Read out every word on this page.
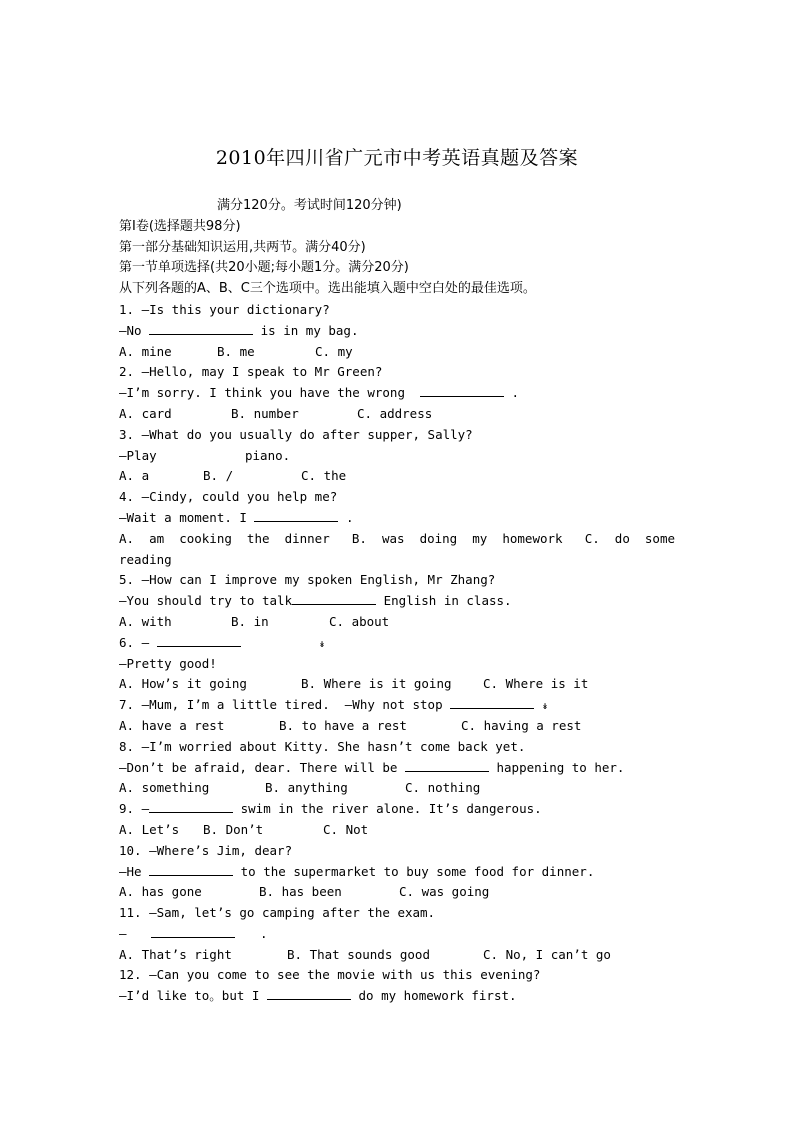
2010年四川省广元市中考英语真题及答案
满分120分。考试时间120分钟)
第Ⅰ卷(选择题共98分)
第一部分基础知识运用,共两节。满分40分)
第一节单项选择(共20小题;每小题1分。满分20分)
从下列各题的A、B、C三个选项中。选出能填入题中空白处的最佳选项。
1. —Is this your dictionary?
—No	is in my bag.
A. mine	B. me	C. my
2. —Hello, may I speak to Mr Green?
—I’m sorry. I think you have the wrong	.
A. card	B. number	C. address
3. —What do you usually do after supper, Sally?
—Play	piano.
A. a	B. /	C. the
4. —Cindy, could you help me?
—Wait a moment. I	.
A.  am  cooking  the  dinner B.  was  doing  my  homework C.  do  some
reading
5. —How can I improve my spoken English, Mr Zhang?
—You should try to talk	English in class.
A. with	B. in	C. about
6. —	↡
—Pretty good!
A. How’s it going	B. Where is it going	C. Where is it
7. —Mum, I’m a little tired.  —Why not stop	↡
A. have a rest	B. to have a rest	C. having a rest
8. —I’m worried about Kitty. She hasn’t come back yet.
—Don’t be afraid, dear. There will be	happening to her.
A. something	B. anything	C. nothing
9. —	swim in the river alone. It’s dangerous.
A. Let’s	B. Don’t	C. Not
10. —Where’s Jim, dear?
—He	to the supermarket to buy some food for dinner.
A. has gone	B. has been	C. was going
11. —Sam, let’s go camping after the exam.
—	.
A. That’s right	B. That sounds good	C. No, I can’t go
12. —Can you come to see the movie with us this evening?
—I’d like to。but I	do my homework first.
